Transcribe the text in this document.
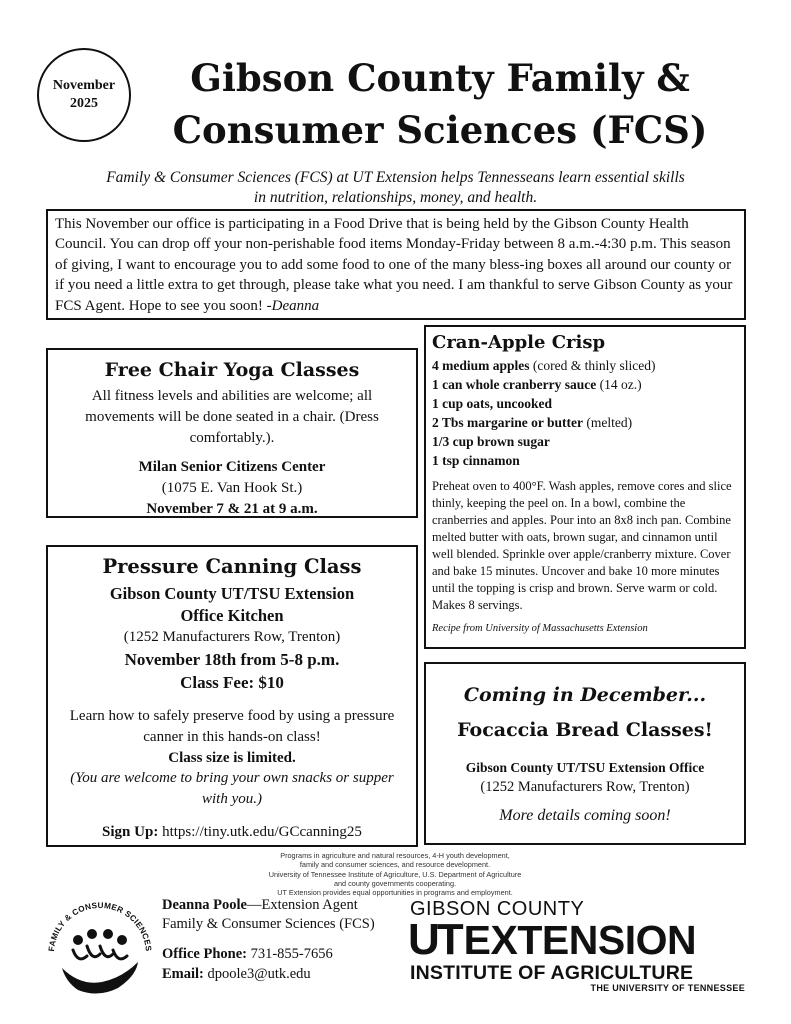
November
2025
Gibson County Family &
Consumer Sciences (FCS)
Family & Consumer Sciences (FCS) at UT Extension helps Tennesseans learn essential skills
in nutrition, relationships, money, and health.
This November our office is participating in a Food Drive that is being held by the Gibson County Health Council. You can drop off your non-perishable food items Monday-Friday between 8 a.m.-4:30 p.m. This season of giving, I want to encourage you to add some food to one of the many bless-ing boxes all around our county or if you need a little extra to get through, please take what you need. I am thankful to serve Gibson County as your FCS Agent. Hope to see you soon! -Deanna
Free Chair Yoga Classes
All fitness levels and abilities are welcome; all movements will be done seated in a chair. (Dress comfortably.).
Milan Senior Citizens Center
(1075 E. Van Hook St.)
November 7 & 21 at 9 a.m.
Pressure Canning Class
Gibson County UT/TSU Extension
Office Kitchen
(1252 Manufacturers Row, Trenton)
November 18th from 5-8 p.m.
Class Fee: $10
Learn how to safely preserve food by using a pressure canner in this hands-on class!
Class size is limited.
(You are welcome to bring your own snacks or supper with you.)
Sign Up: https://tiny.utk.edu/GCcanning25
Cran-Apple Crisp
4 medium apples (cored & thinly sliced)
1 can whole cranberry sauce (14 oz.)
1 cup oats, uncooked
2 Tbs margarine or butter (melted)
1/3 cup brown sugar
1 tsp cinnamon
Preheat oven to 400°F. Wash apples, remove cores and slice thinly, keeping the peel on. In a bowl, combine the cranberries and apples. Pour into an 8x8 inch pan. Combine melted butter with oats, brown sugar, and cinnamon until well blended. Sprinkle over apple/cranberry mixture. Cover and bake 15 minutes. Uncover and bake 10 more minutes until the topping is crisp and brown. Serve warm or cold. Makes 8 servings.
Recipe from University of Massachusetts Extension
Coming in December...
Focaccia Bread Classes!
Gibson County UT/TSU Extension Office
(1252 Manufacturers Row, Trenton)
More details coming soon!
Programs in agriculture and natural resources, 4-H youth development,
family and consumer sciences, and resource development.
University of Tennessee Institute of Agriculture, U.S. Department of Agriculture
and county governments cooperating.
UT Extension provides equal opportunities in programs and employment.
FAMILY & CONSUMER SCIENCES
Deanna Poole—Extension Agent
Family & Consumer Sciences (FCS)
Office Phone: 731-855-7656
Email: dpoole3@utk.edu
GIBSON COUNTY
UT EXTENSION
INSTITUTE OF AGRICULTURE
THE UNIVERSITY OF TENNESSEE
